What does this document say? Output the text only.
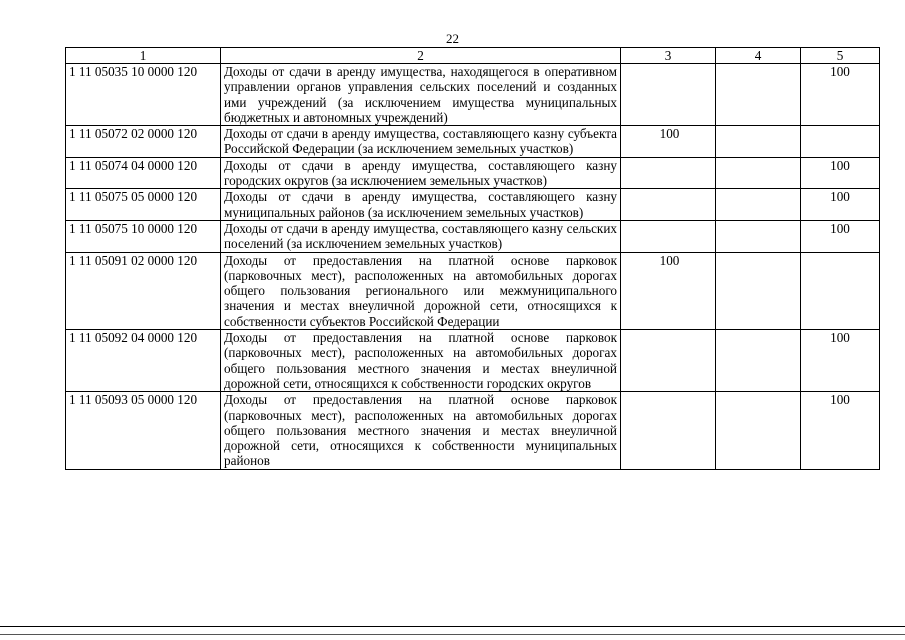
22
1	2	3	4	5
1 11 05035 10 0000 120	Доходы от сдачи в аренду имущества, находящегося в оперативном управлении органов управления сельских поселений и созданных ими учреждений (за исключением имущества муниципальных бюджетных и автономных учреждений)			100
1 11 05072 02 0000 120	Доходы от сдачи в аренду имущества, составляющего казну субъекта Российской Федерации (за исключением земельных участков)	100		
1 11 05074 04 0000 120	Доходы от сдачи в аренду имущества, составляющего казну городских округов (за исключением земельных участков)			100
1 11 05075 05 0000 120	Доходы от сдачи в аренду имущества, составляющего казну муниципальных районов (за исключением земельных участков)			100
1 11 05075 10 0000 120	Доходы от сдачи в аренду имущества, составляющего казну сельских поселений (за исключением земельных участков)			100
1 11 05091 02 0000 120	Доходы от предоставления на платной основе парковок (парковочных мест), расположенных на автомобильных дорогах общего пользования регионального или межмуниципального значения и местах внеуличной дорожной сети, относящихся к собственности субъектов Российской Федерации	100		
1 11 05092 04 0000 120	Доходы от предоставления на платной основе парковок (парковочных мест), расположенных на автомобильных дорогах общего пользования местного значения и местах внеуличной дорожной сети, относящихся к собственности городских округов			100
1 11 05093 05 0000 120	Доходы от предоставления на платной основе парковок (парковочных мест), расположенных на автомобильных дорогах общего пользования местного значения и местах внеуличной дорожной сети, относящихся к собственности муниципальных районов			100
